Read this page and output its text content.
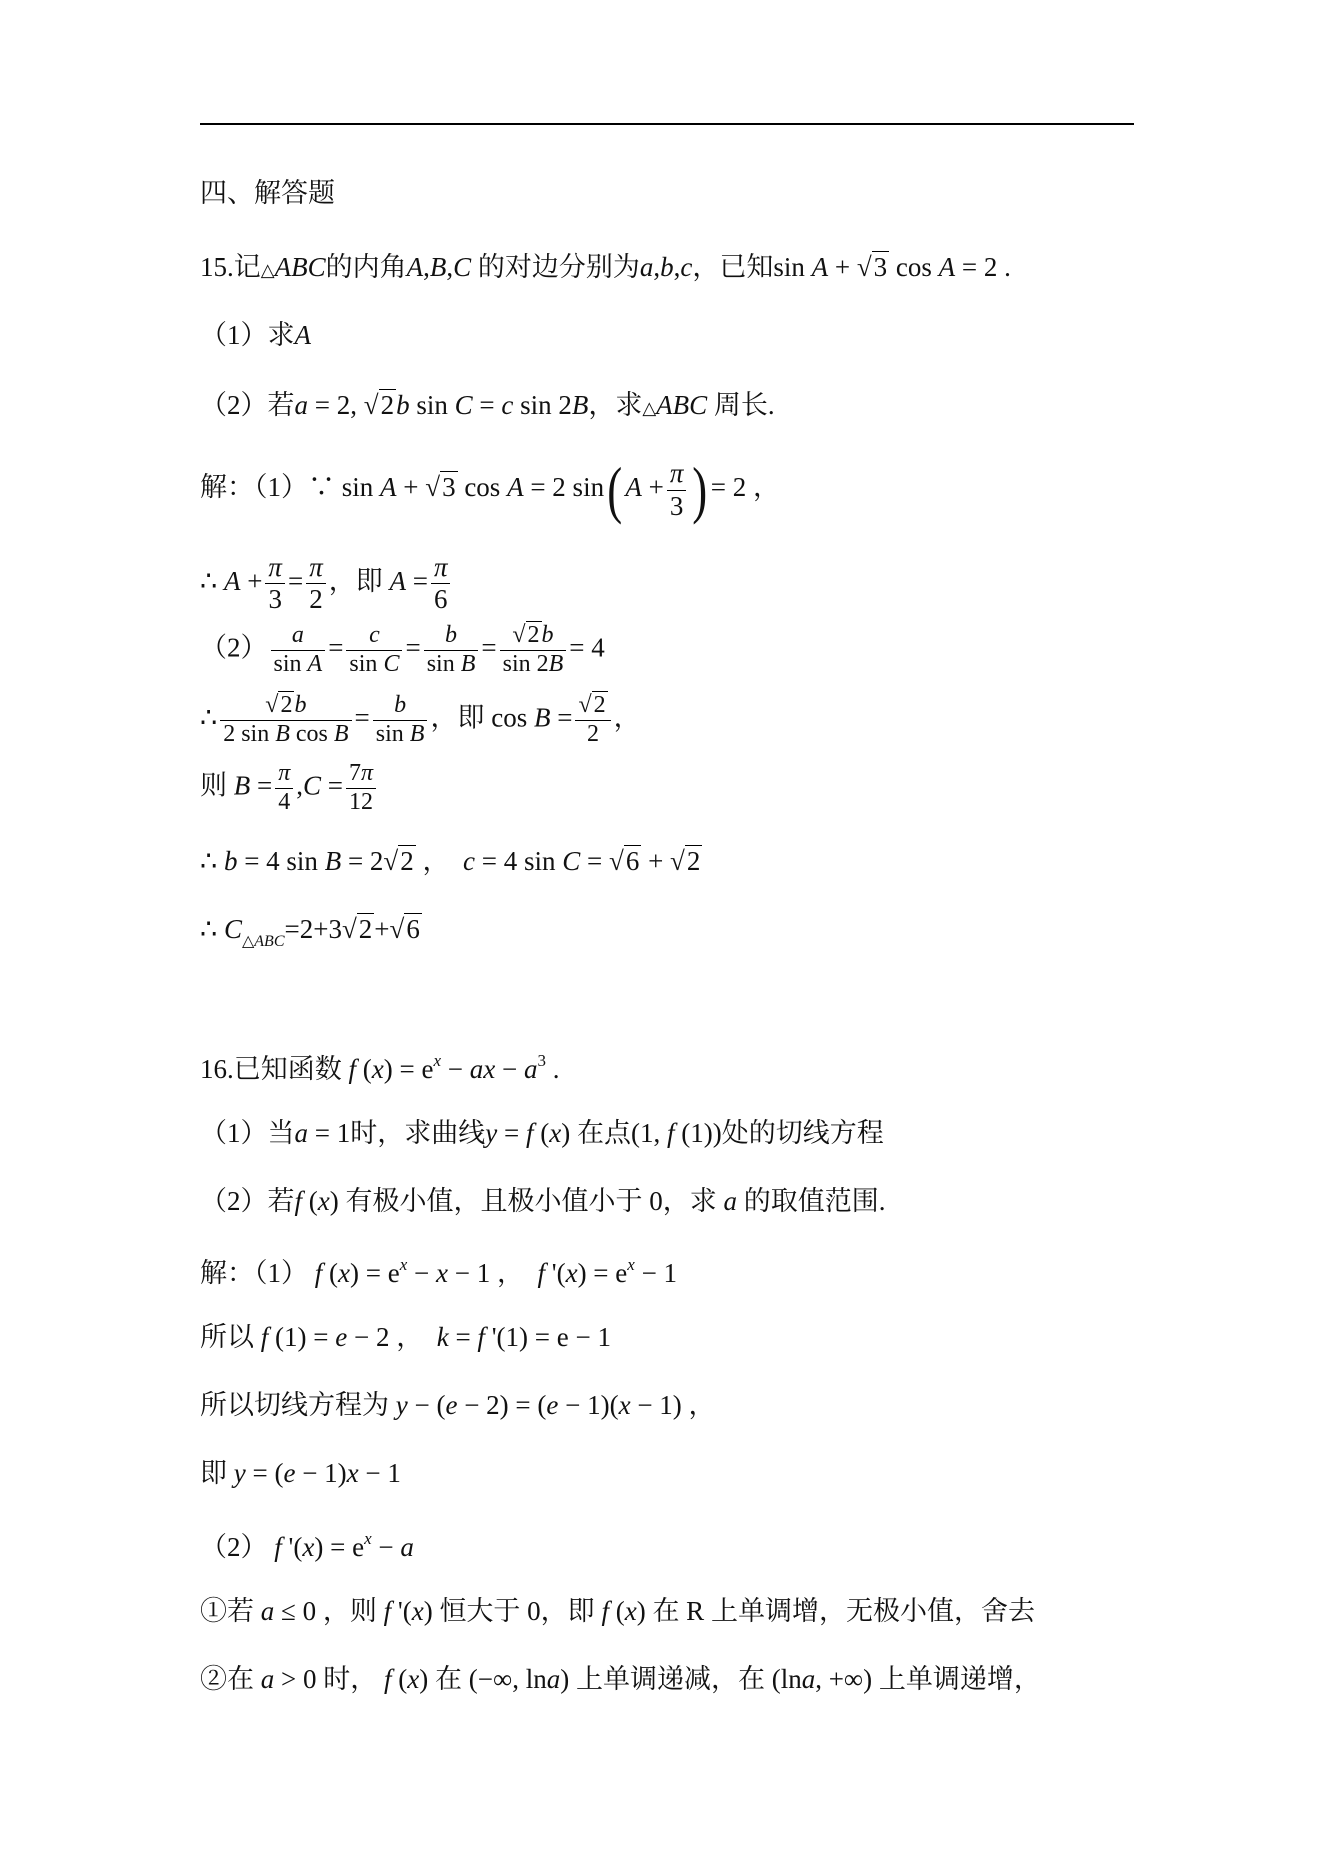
四、解答题
15.记△ABC的内角A,B,C 的对边分别为a,b,c，已知sin A + √3 cos A = 2 .
（1）求A
（2）若a = 2, √2b sin C = c sin 2B，求△ABC 周长.
解：（1）∵ sin A + √3 cos A = 2 sin( $A + \frac{\pi}{3}$ ) = 2 ，
∴ $A + \frac{\pi}{3} = \frac{\pi}{2}$ ，即 $A = \frac{\pi}{6}$
$(2) \frac{a}{\text{sin A}} = \frac{c}{\text{sin C}} = \frac{b}{\text{sin B}} = \frac{√2b}{\sin 2B} = 4$
∴ $\frac{√2b}{\text{2 sin B cos B}} = \frac{b}{\text{sin B}}$ ，即 $\cos B = \frac{√2}{2}$ ，
则 $B = \frac{\pi}{4} ,C = \frac{7\pi}{12}$
∴ b = 4 sin B = 2√2 ，  c = 4 sin C = √6 + √2
∴ $C_{\triangle ABC}=2+3√2+√6$
16.已知函数 f $(x) = e^x$ − ax − $a^3$ .
（1）当a = 1时，求曲线y = f (x) 在点(1, f (1))处的切线方程
（2）若f (x) 有极小值，且极小值小于 0，求 a 的取值范围.
解：（1） f $(x) = e^x - x - 1$ ，  f '$(x) = e^x - 1$
所以 f (1) = e − 2 ，  k = f '(1) = e − 1
所以切线方程为 y − (e − 2) = (e − 1)(x − 1) ，
即 y = (e − 1)x − 1
（2） f '$(x) = e^x - a$
①若 a ≤ 0 ，则 f '(x) 恒大于 0，即 f (x) 在 R 上单调增，无极小值，舍去
②在 a > 0 时， f (x) 在 (−∞, lna) 上单调递减，在 (lna, +∞) 上单调递增，
